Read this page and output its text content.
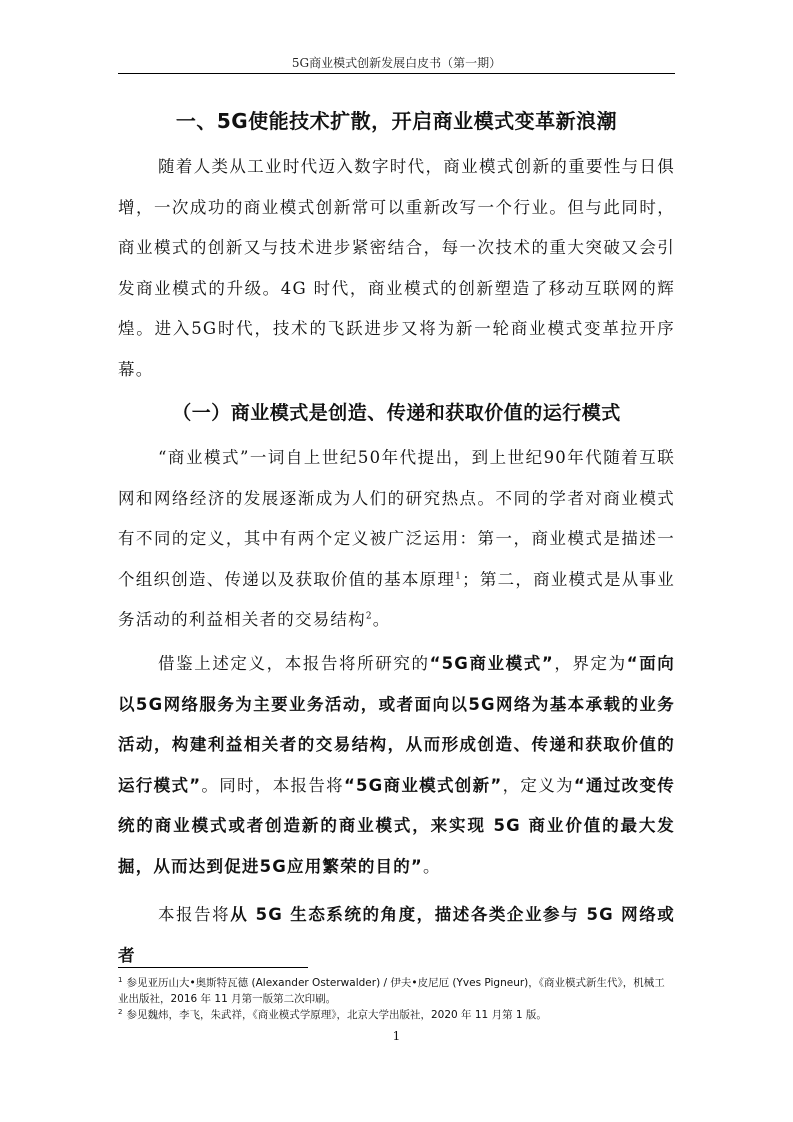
5G商业模式创新发展白皮书（第一期）
一、5G使能技术扩散，开启商业模式变革新浪潮
随着人类从工业时代迈入数字时代，商业模式创新的重要性与日俱增，一次成功的商业模式创新常可以重新改写一个行业。但与此同时，商业模式的创新又与技术进步紧密结合，每一次技术的重大突破又会引发商业模式的升级。4G 时代，商业模式的创新塑造了移动互联网的辉煌。进入5G时代，技术的飞跃进步又将为新一轮商业模式变革拉开序幕。
（一）商业模式是创造、传递和获取价值的运行模式
“商业模式”一词自上世纪50年代提出，到上世纪90年代随着互联网和网络经济的发展逐渐成为人们的研究热点。不同的学者对商业模式有不同的定义，其中有两个定义被广泛运用：第一，商业模式是描述一个组织创造、传递以及获取价值的基本原理$^1$；第二，商业模式是从事业务活动的利益相关者的交易结构$^2$。
借鉴上述定义，本报告将所研究的“5G商业模式”，界定为“面向以5G网络服务为主要业务活动，或者面向以5G网络为基本承载的业务活动，构建利益相关者的交易结构，从而形成创造、传递和获取价值的运行模式”。同时，本报告将“5G商业模式创新”，定义为“通过改变传统的商业模式或者创造新的商业模式，来实现 5G 商业价值的最大发掘，从而达到促进5G应用繁荣的目的”。
本报告将从 5G 生态系统的角度，描述各类企业参与 5G 网络或者
$^1$ 参见亚历山大•奥斯特瓦德 (Alexander Osterwalder) / 伊夫•皮尼厄 (Yves Pigneur)，《商业模式新生代》，机械工业出版社，2016 年 11 月第一版第二次印刷。
$^2$ 参见魏炜，李飞，朱武祥，《商业模式学原理》，北京大学出版社，2020 年 11 月第 1 版。
1
